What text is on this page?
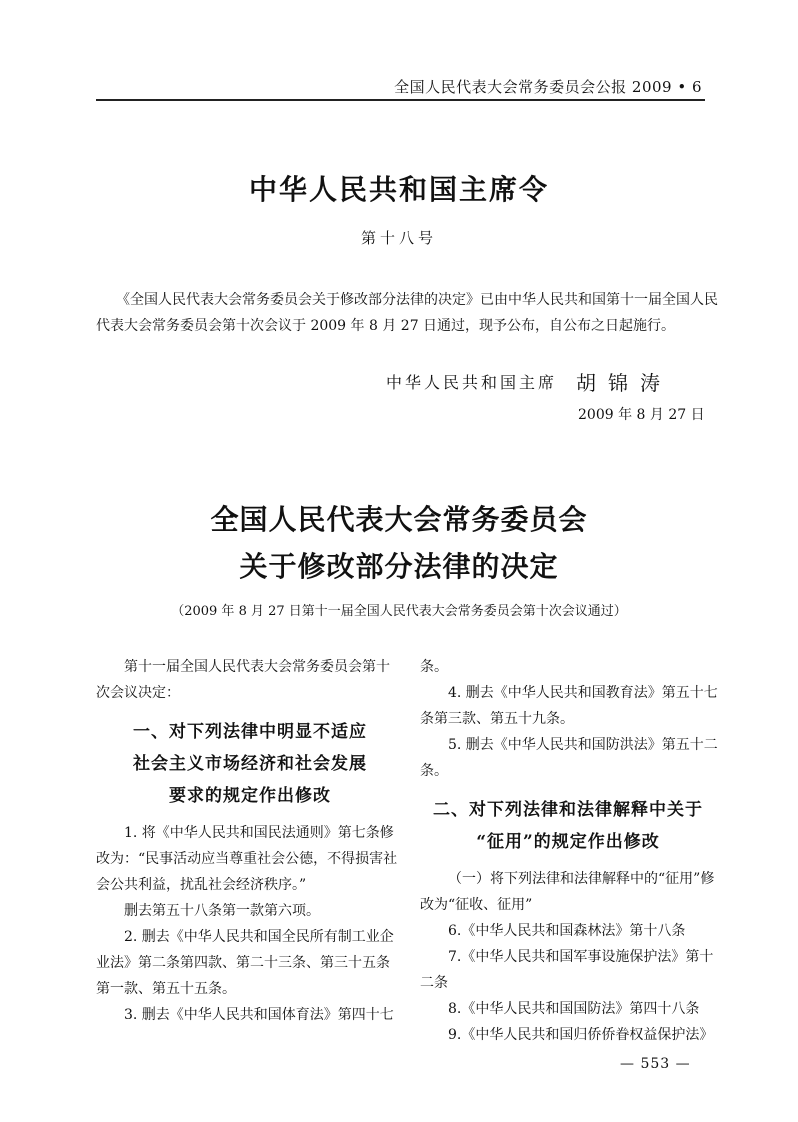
全国人民代表大会常务委员会公报 2009 • 6
中华人民共和国主席令
第十八号
《全国人民代表大会常务委员会关于修改部分法律的决定》已由中华人民共和国第十一届全国人民
代表大会常务委员会第十次会议于 2009 年 8 月 27 日通过，现予公布，自公布之日起施行。
中华人民共和国主席 胡锦涛
2009 年 8 月 27 日
全国人民代表大会常务委员会
关于修改部分法律的决定
（2009 年 8 月 27 日第十一届全国人民代表大会常务委员会第十次会议通过）
第十一届全国人民代表大会常务委员会第十
次会议决定：
一、对下列法律中明显不适应
社会主义市场经济和社会发展
要求的规定作出修改
1. 将《中华人民共和国民法通则》第七条修
改为：“民事活动应当尊重社会公德，不得损害社
会公共利益，扰乱社会经济秩序。”
删去第五十八条第一款第六项。
2. 删去《中华人民共和国全民所有制工业企
业法》第二条第四款、第二十三条、第三十五条
第一款、第五十五条。
3. 删去《中华人民共和国体育法》第四十七
条。
4. 删去《中华人民共和国教育法》第五十七
条第三款、第五十九条。
5. 删去《中华人民共和国防洪法》第五十二
条。
二、对下列法律和法律解释中关于
“征用”的规定作出修改
（一）将下列法律和法律解释中的“征用”修
改为“征收、征用”
6.《中华人民共和国森林法》第十八条
7.《中华人民共和国军事设施保护法》第十
二条
8.《中华人民共和国国防法》第四十八条
9.《中华人民共和国归侨侨眷权益保护法》
— 553 —
